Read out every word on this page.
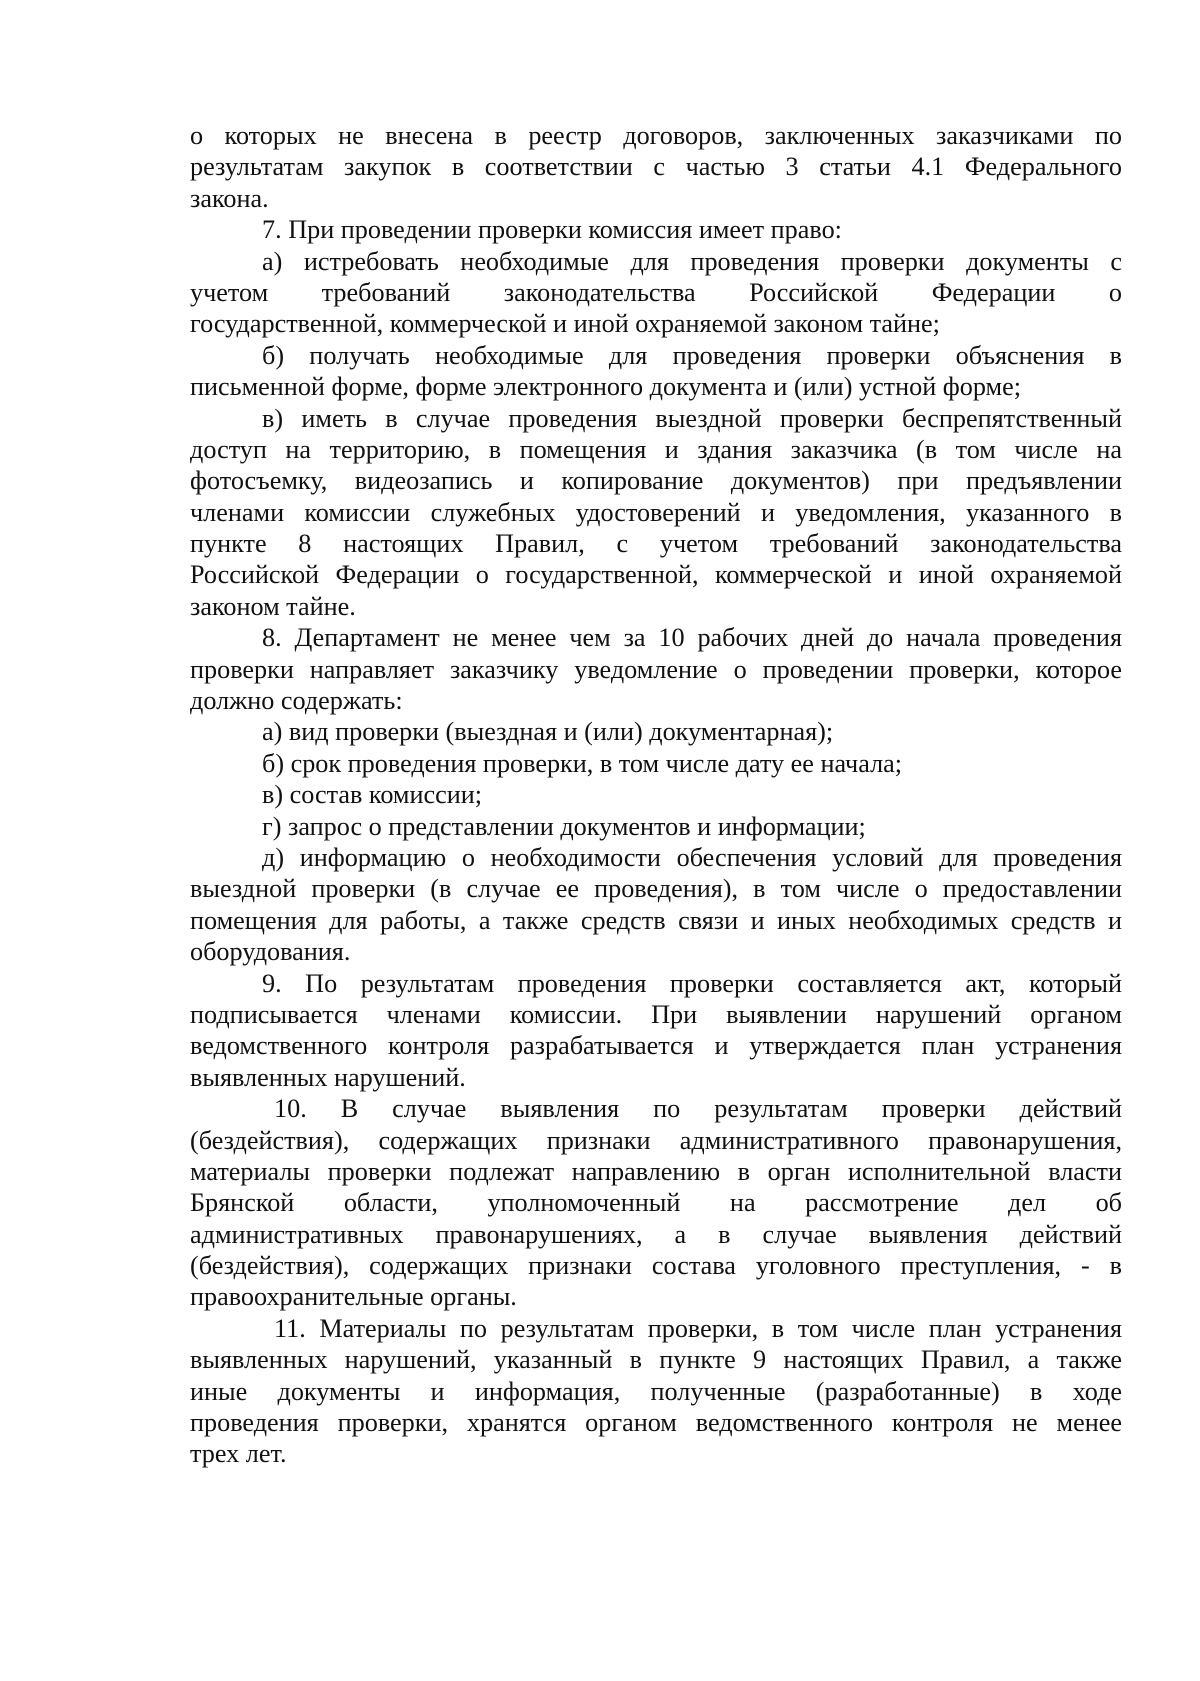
о которых не внесена в реестр договоров, заключенных заказчиками по
результатам закупок в соответствии с частью 3 статьи 4.1 Федерального
закона.
7. При проведении проверки комиссия имеет право:
а) истребовать необходимые для проведения проверки документы с
учетом требований законодательства Российской Федерации о
государственной, коммерческой и иной охраняемой законом тайне;
б) получать необходимые для проведения проверки объяснения в
письменной форме, форме электронного документа и (или) устной форме;
в) иметь в случае проведения выездной проверки беспрепятственный
доступ на территорию, в помещения и здания заказчика (в том числе на
фотосъемку, видеозапись и копирование документов) при предъявлении
членами комиссии служебных удостоверений и уведомления, указанного в
пункте 8 настоящих Правил, с учетом требований законодательства
Российской Федерации о государственной, коммерческой и иной охраняемой
законом тайне.
8. Департамент не менее чем за 10 рабочих дней до начала проведения
проверки направляет заказчику уведомление о проведении проверки, которое
должно содержать:
а) вид проверки (выездная и (или) документарная);
б) срок проведения проверки, в том числе дату ее начала;
в) состав комиссии;
г) запрос о представлении документов и информации;
д) информацию о необходимости обеспечения условий для проведения
выездной проверки (в случае ее проведения), в том числе о предоставлении
помещения для работы, а также средств связи и иных необходимых средств и
оборудования.
9. По результатам проведения проверки составляется акт, который
подписывается членами комиссии. При выявлении нарушений органом
ведомственного контроля разрабатывается и утверждается план устранения
выявленных нарушений.
10. В случае выявления по результатам проверки действий
(бездействия), содержащих признаки административного правонарушения,
материалы проверки подлежат направлению в орган исполнительной власти
Брянской области, уполномоченный на рассмотрение дел об
административных правонарушениях, а в случае выявления действий
(бездействия), содержащих признаки состава уголовного преступления, - в
правоохранительные органы.
11. Материалы по результатам проверки, в том числе план устранения
выявленных нарушений, указанный в пункте 9 настоящих Правил, а также
иные документы и информация, полученные (разработанные) в ходе
проведения проверки, хранятся органом ведомственного контроля не менее
трех лет.
